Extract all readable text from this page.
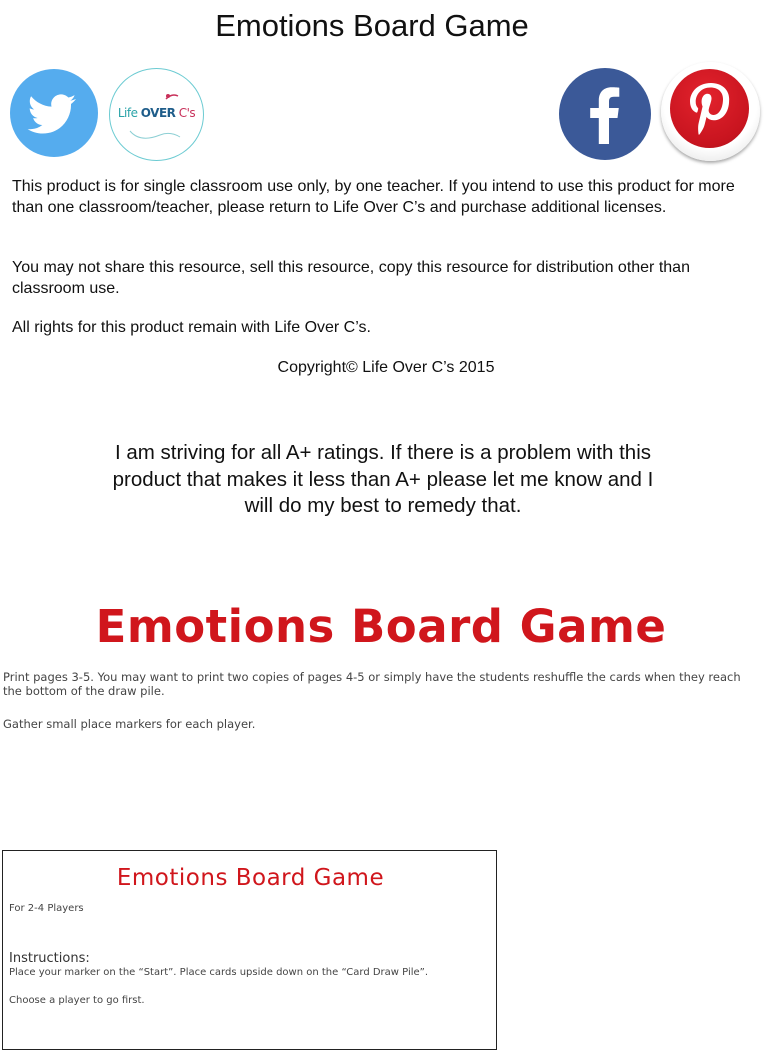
Emotions Board Game
Life OVER C's
This product is for single classroom use only, by one teacher. If you intend to use this product for more than one classroom/teacher, please return to Life Over C’s and purchase additional licenses.
You may not share this resource, sell this resource, copy this resource for distribution other than classroom use.
All rights for this product remain with Life Over C’s.
Copyright© Life Over C’s 2015
I am striving for all A+ ratings. If there is a problem with this product that makes it less than A+ please let me know and I will do my best to remedy that.
Emotions Board Game
Print pages 3-5. You may want to print two copies of pages 4-5 or simply have the students reshuffle the cards when they reach the bottom of the draw pile.
Gather small place markers for each player.
Emotions Board Game
For 2-4 Players
Instructions:
Place your marker on the “Start”. Place cards upside down on the “Card Draw Pile”.
Choose a player to go first.
